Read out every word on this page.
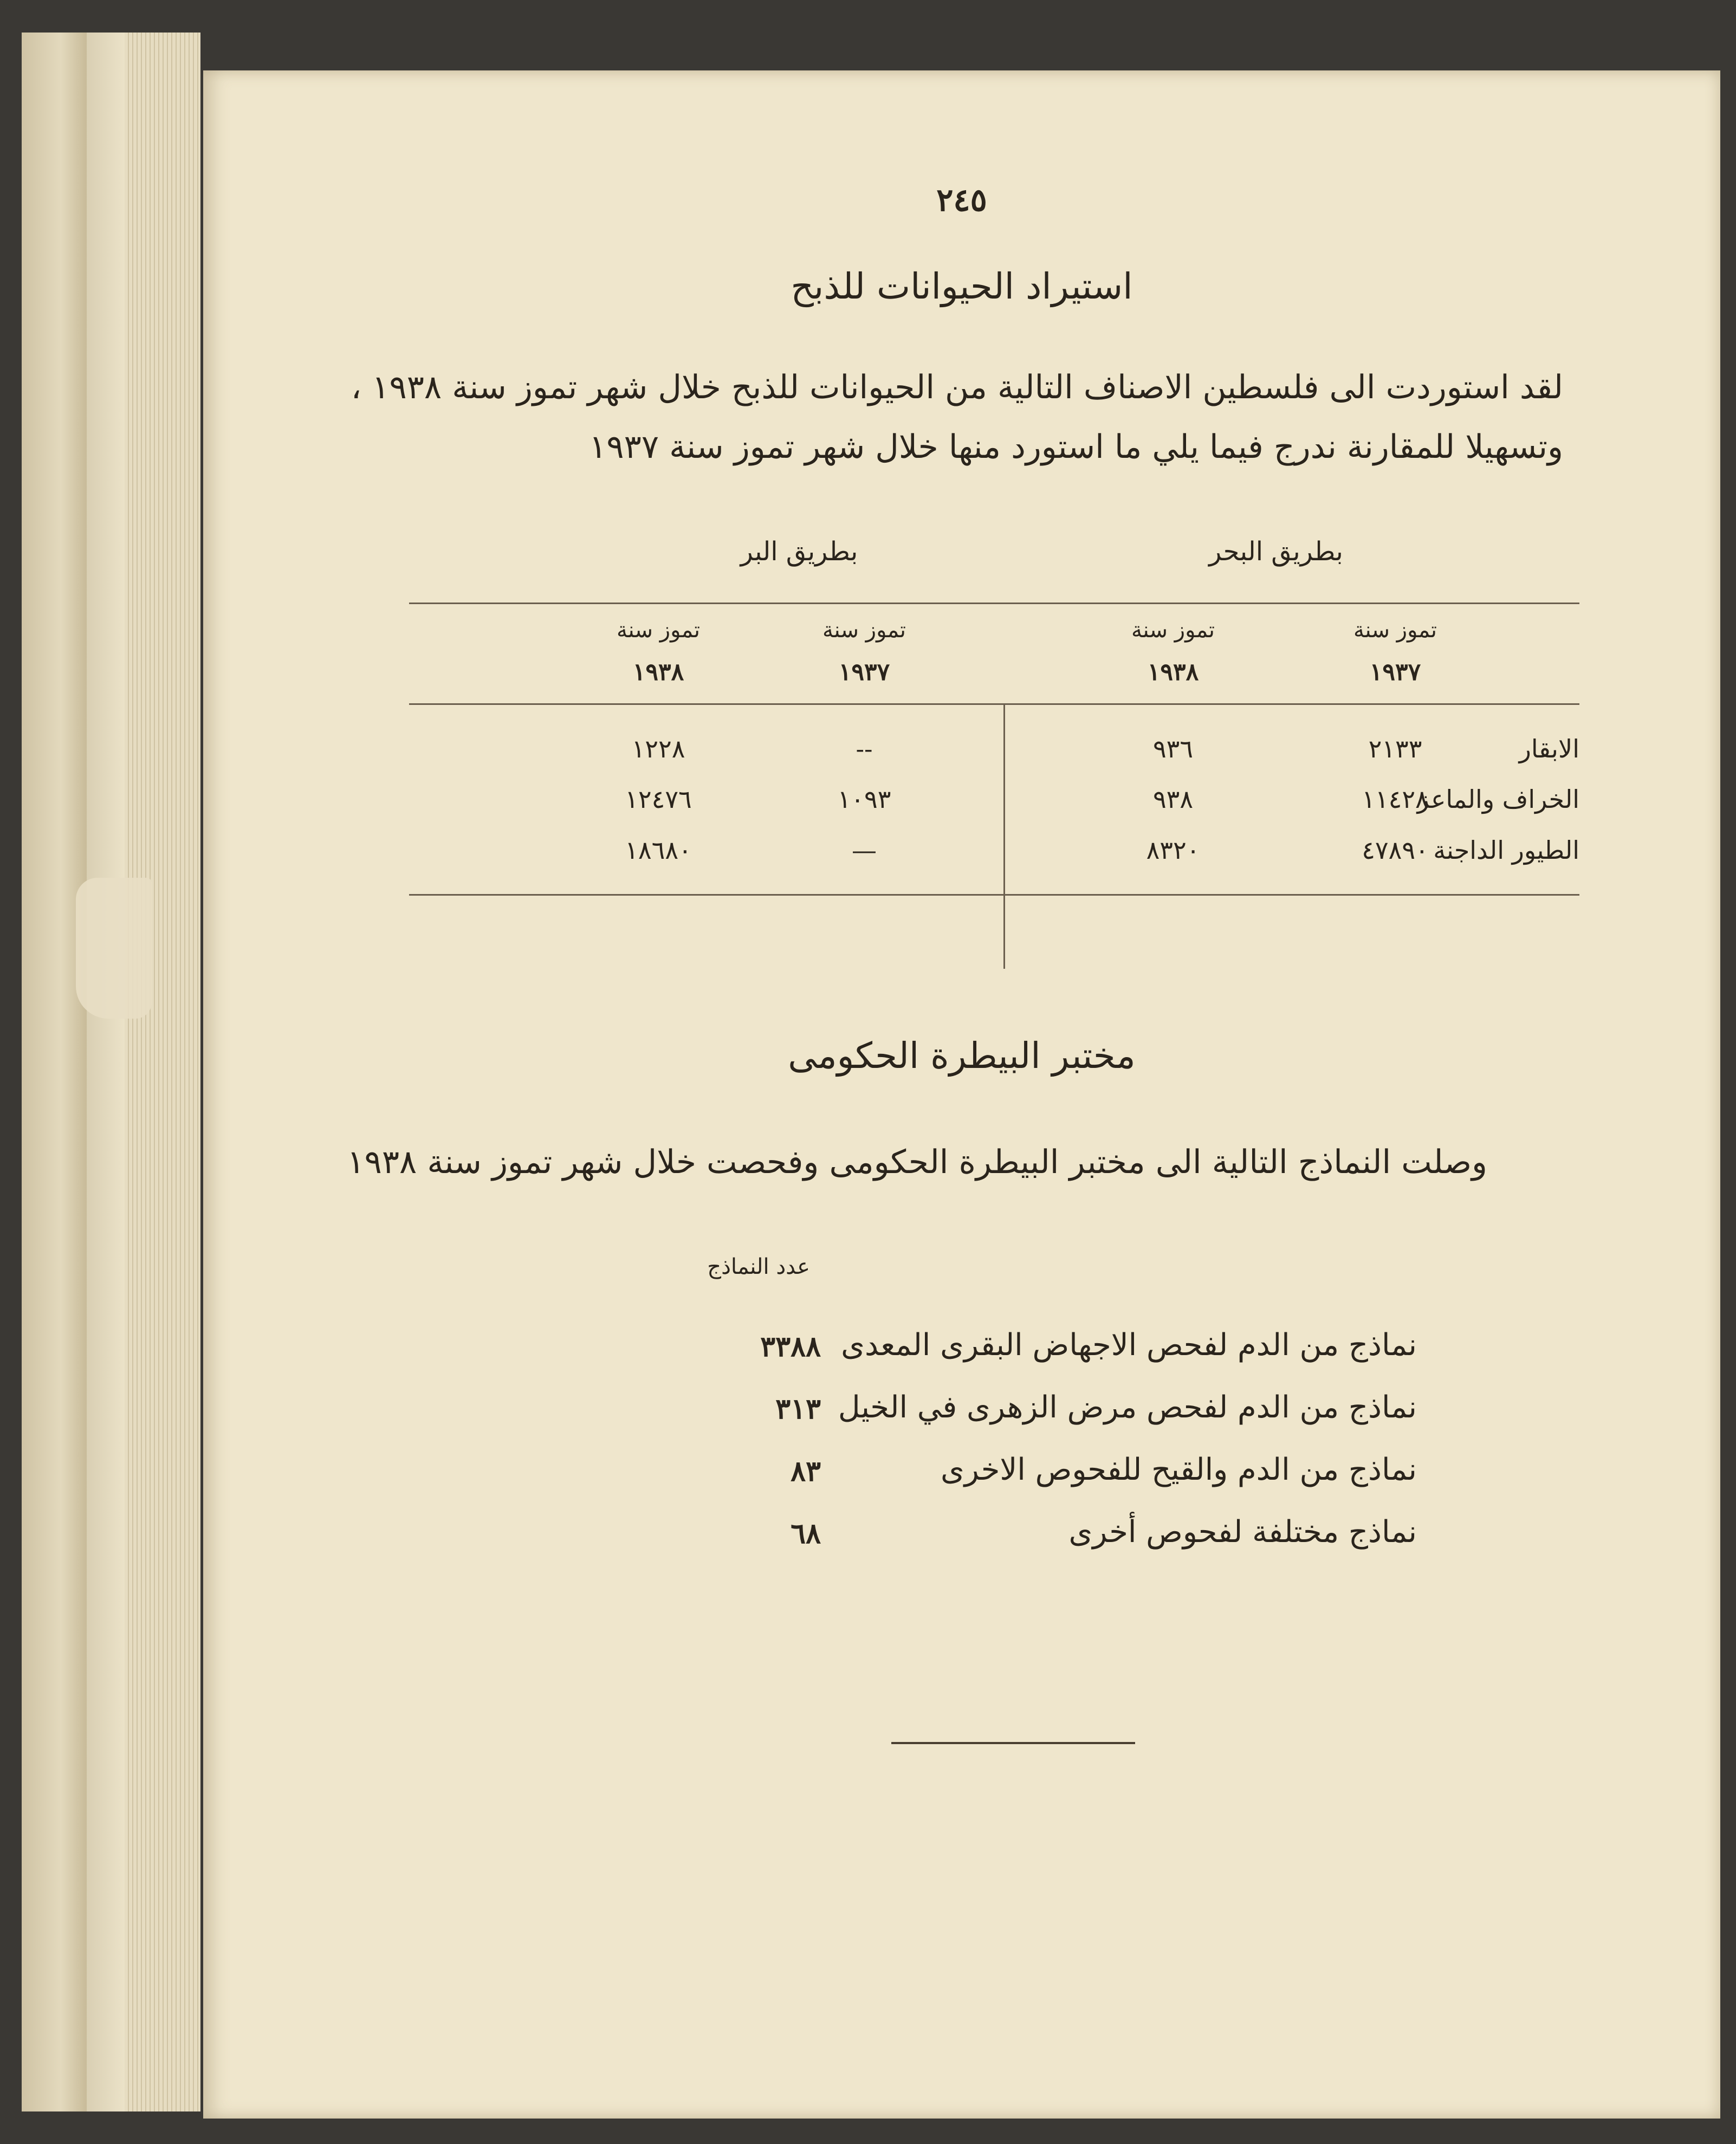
٢٤٥
استيراد الحيوانات للذبح
لقد استوردت الى فلسطين الاصناف التالية من الحيوانات للذبح خلال شهر تموز سنة ١٩٣٨ ،
وتسهيلا للمقارنة ندرج فيما يلي ما استورد منها خلال شهر تموز سنة ١٩٣٧
بطريق البحر
بطريق البر
تموز سنة
تموز سنة
تموز سنة
تموز سنة
١٩٣٧
١٩٣٨
١٩٣٧
١٩٣٨
الابقار
٢١٣٣
٩٣٦
--
١٢٢٨
الخراف والماعز
١١٤٢٨
٩٣٨
١٠٩٣
١٢٤٧٦
الطيور الداجنة
٤٧٨٩٠
٨٣٢٠
—
١٨٦٨٠
مختبر البيطرة الحكومى
وصلت النماذج التالية الى مختبر البيطرة الحكومى وفحصت خلال شهر تموز سنة ١٩٣٨
عدد النماذج
نماذج من الدم لفحص الاجهاض البقرى المعدى
٣٣٨٨
نماذج من الدم لفحص مرض الزهرى في الخيل
٣١٣
نماذج من الدم والقيح للفحوص الاخرى
٨٣
نماذج مختلفة لفحوص أخرى
٦٨
